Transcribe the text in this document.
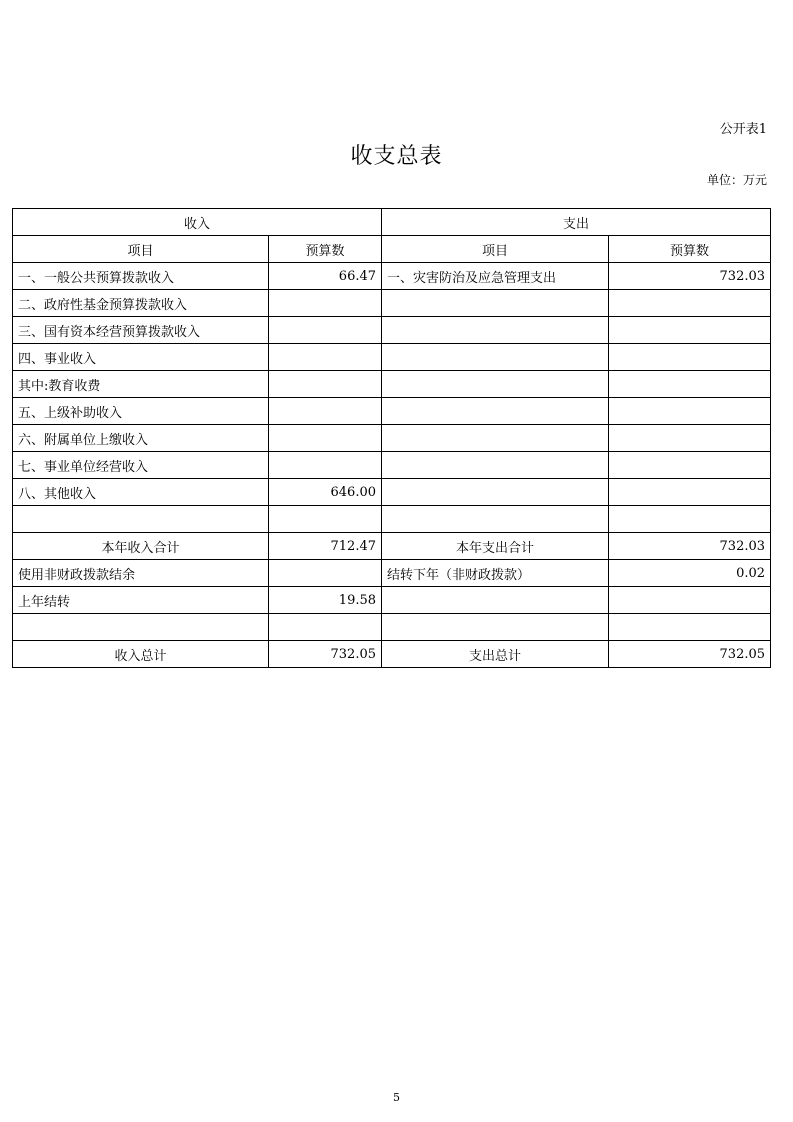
公开表1
收支总表
单位：万元
收入		支出	
项目	预算数	项目	预算数
一、一般公共预算拨款收入	66.47	一、灾害防治及应急管理支出	732.03
二、政府性基金预算拨款收入			
三、国有资本经营预算拨款收入			
四、事业收入			
其中:教育收费			
五、上级补助收入			
六、附属单位上缴收入			
七、事业单位经营收入			
八、其他收入	646.00		

本年收入合计	712.47	本年支出合计	732.03
使用非财政拨款结余		结转下年（非财政拨款）	0.02
上年结转	19.58		

收入总计	732.05	支出总计	732.05
5
